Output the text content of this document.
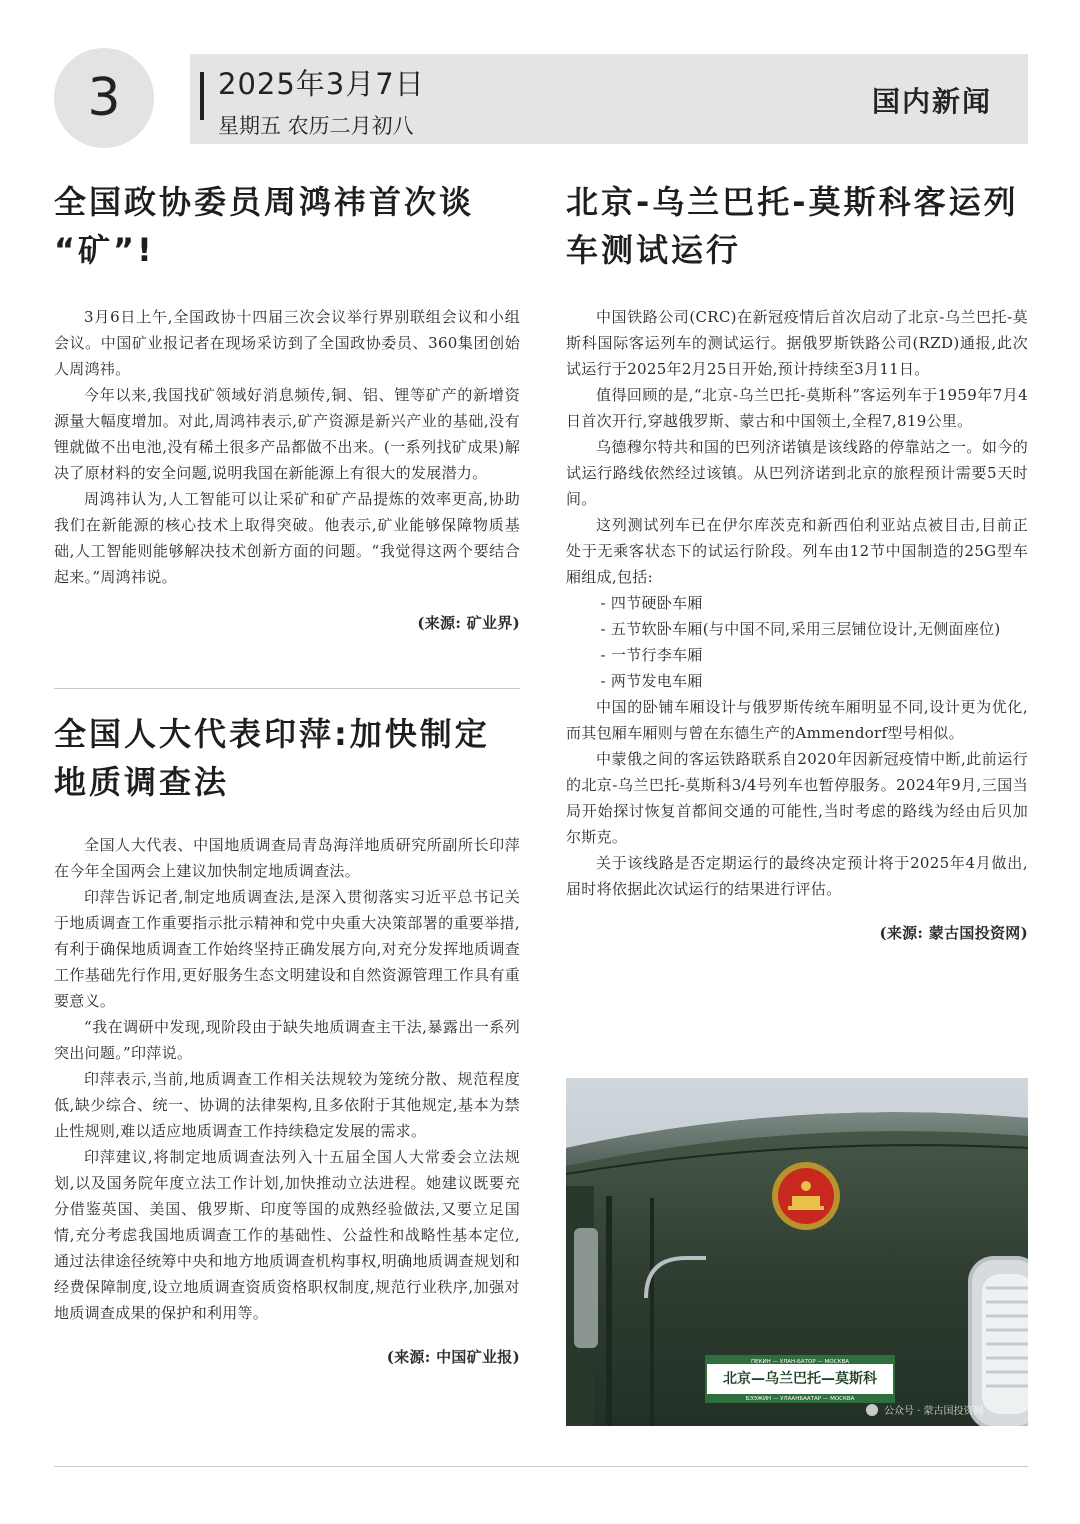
3	2025年3月7日
星期五 农历二月初八
国内新闻
全国政协委员周鸿祎首次谈
“矿”!

3月6日上午,全国政协十四届三次会议举行界别联组会议和小组会议。中国矿业报记者在现场采访到了全国政协委员、360集团创始人周鸿祎。

今年以来,我国找矿领域好消息频传,铜、铝、锂等矿产的新增资源量大幅度增加。对此,周鸿祎表示,矿产资源是新兴产业的基础,没有锂就做不出电池,没有稀土很多产品都做不出来。(一系列找矿成果)解决了原材料的安全问题,说明我国在新能源上有很大的发展潜力。

周鸿祎认为,人工智能可以让采矿和矿产品提炼的效率更高,协助我们在新能源的核心技术上取得突破。他表示,矿业能够保障物质基础,人工智能则能够解决技术创新方面的问题。“我觉得这两个要结合起来。”周鸿祎说。

(来源: 矿业界)

全国人大代表印萍:加快制定
地质调查法

全国人大代表、中国地质调查局青岛海洋地质研究所副所长印萍在今年全国两会上建议加快制定地质调查法。

印萍告诉记者,制定地质调查法,是深入贯彻落实习近平总书记关于地质调查工作重要指示批示精神和党中央重大决策部署的重要举措,有利于确保地质调查工作始终坚持正确发展方向,对充分发挥地质调查工作基础先行作用,更好服务生态文明建设和自然资源管理工作具有重要意义。

“我在调研中发现,现阶段由于缺失地质调查主干法,暴露出一系列突出问题。”印萍说。

印萍表示,当前,地质调查工作相关法规较为笼统分散、规范程度低,缺少综合、统一、协调的法律架构,且多依附于其他规定,基本为禁止性规则,难以适应地质调查工作持续稳定发展的需求。

印萍建议,将制定地质调查法列入十五届全国人大常委会立法规划,以及国务院年度立法工作计划,加快推动立法进程。她建议既要充分借鉴英国、美国、俄罗斯、印度等国的成熟经验做法,又要立足国情,充分考虑我国地质调查工作的基础性、公益性和战略性基本定位,通过法律途径统筹中央和地方地质调查机构事权,明确地质调查规划和经费保障制度,设立地质调查资质资格职权制度,规范行业秩序,加强对地质调查成果的保护和利用等。

(来源: 中国矿业报)

北京-乌兰巴托-莫斯科客运列
车测试运行

中国铁路公司(CRC)在新冠疫情后首次启动了北京-乌兰巴托-莫斯科国际客运列车的测试运行。据俄罗斯铁路公司(RZD)通报,此次试运行于2025年2月25日开始,预计持续至3月11日。

值得回顾的是,“北京-乌兰巴托-莫斯科”客运列车于1959年7月4日首次开行,穿越俄罗斯、蒙古和中国领土,全程7,819公里。

乌德穆尔特共和国的巴列济诺镇是该线路的停靠站之一。如今的试运行路线依然经过该镇。从巴列济诺到北京的旅程预计需要5天时间。

这列测试列车已在伊尔库茨克和新西伯利亚站点被目击,目前正处于无乘客状态下的试运行阶段。列车由12节中国制造的25G型车厢组成,包括:

- 四节硬卧车厢

- 五节软卧车厢(与中国不同,采用三层铺位设计,无侧面座位)

- 一节行李车厢

- 两节发电车厢

中国的卧铺车厢设计与俄罗斯传统车厢明显不同,设计更为优化,而其包厢车厢则与曾在东德生产的Ammendorf型号相似。

中蒙俄之间的客运铁路联系自2020年因新冠疫情中断,此前运行的北京-乌兰巴托-莫斯科3/4号列车也暂停服务。2024年9月,三国当局开始探讨恢复首都间交通的可能性,当时考虑的路线为经由后贝加尔斯克。

关于该线路是否定期运行的最终决定预计将于2025年4月做出,届时将依据此次试运行的结果进行评估。

(来源: 蒙古国投资网)

ПЕКИН — УЛАН-БАТОР — МОСКВА
北京—乌兰巴托—莫斯科
БЭЭЖИН — УЛААНБААТАР — МОСКВА
公众号 · 蒙古国投资网
